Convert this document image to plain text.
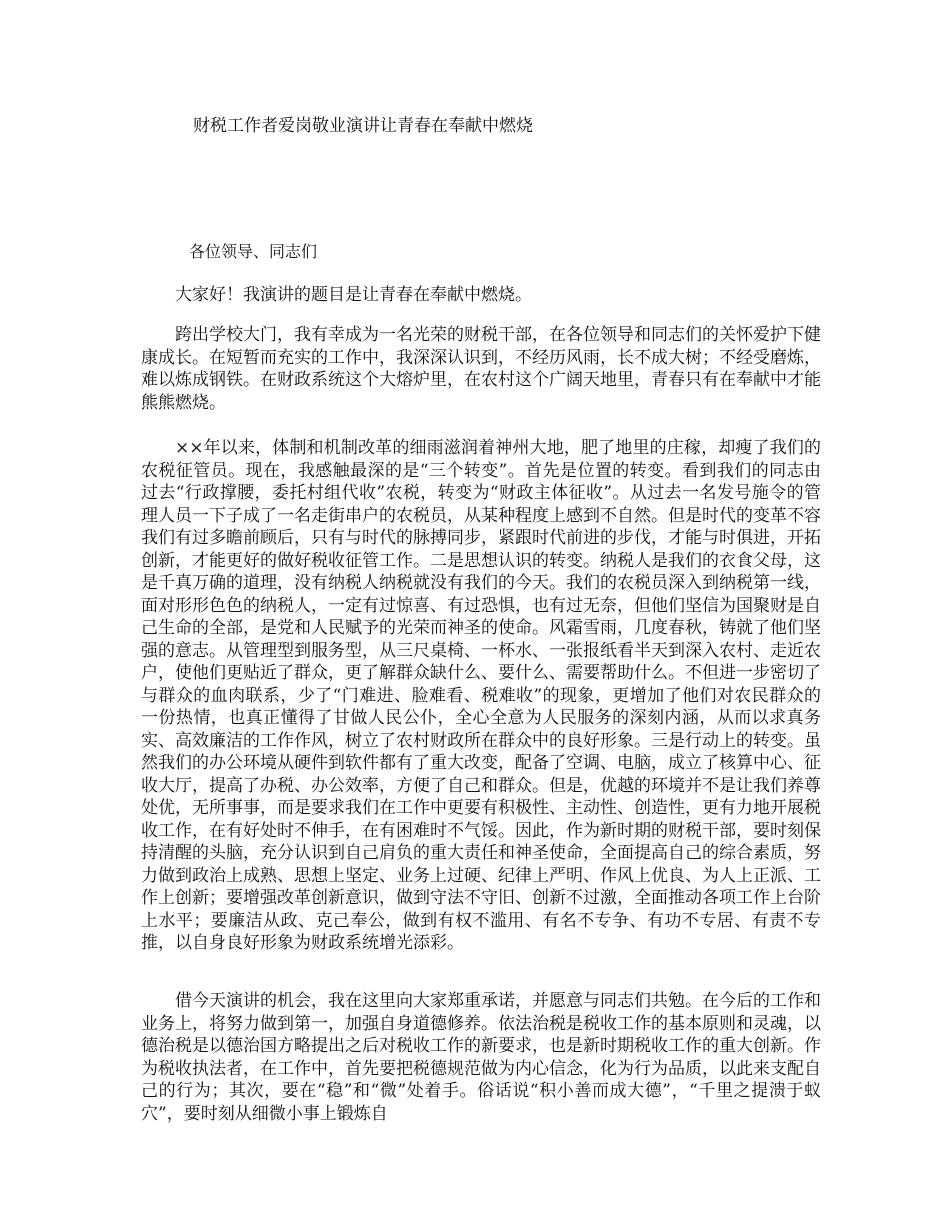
财税工作者爱岗敬业演讲让青春在奉献中燃烧
各位领导、同志们

大家好！我演讲的题目是让青春在奉献中燃烧。

跨出学校大门，我有幸成为一名光荣的财税干部，在各位领导和同志们的关怀爱护下健康成长。在短暂而充实的工作中，我深深认识到，不经历风雨，长不成大树；不经受磨炼，难以炼成钢铁。在财政系统这个大熔炉里，在农村这个广阔天地里，青春只有在奉献中才能熊熊燃烧。

××年以来，体制和机制改革的细雨滋润着神州大地，肥了地里的庄稼，却瘦了我们的农税征管员。现在，我感触最深的是“三个转变”。首先是位置的转变。看到我们的同志由过去“行政撑腰，委托村组代收”农税，转变为“财政主体征收”。从过去一名发号施令的管理人员一下子成了一名走街串户的农税员，从某种程度上感到不自然。但是时代的变革不容我们有过多瞻前顾后，只有与时代的脉搏同步，紧跟时代前进的步伐，才能与时俱进，开拓创新，才能更好的做好税收征管工作。二是思想认识的转变。纳税人是我们的衣食父母，这是千真万确的道理，没有纳税人纳税就没有我们的今天。我们的农税员深入到纳税第一线，面对形形色色的纳税人，一定有过惊喜、有过恐惧，也有过无奈，但他们坚信为国聚财是自己生命的全部，是党和人民赋予的光荣而神圣的使命。风霜雪雨，几度春秋，铸就了他们坚强的意志。从管理型到服务型，从三尺桌椅、一杯水、一张报纸看半天到深入农村、走近农户，使他们更贴近了群众，更了解群众缺什么、要什么、需要帮助什么。不但进一步密切了与群众的血肉联系，少了“门难进、脸难看、税难收”的现象，更增加了他们对农民群众的一份热情，也真正懂得了甘做人民公仆，全心全意为人民服务的深刻内涵，从而以求真务实、高效廉洁的工作作风，树立了农村财政所在群众中的良好形象。三是行动上的转变。虽然我们的办公环境从硬件到软件都有了重大改变，配备了空调、电脑，成立了核算中心、征收大厅，提高了办税、办公效率，方便了自己和群众。但是，优越的环境并不是让我们养尊处优，无所事事，而是要求我们在工作中更要有积极性、主动性、创造性，更有力地开展税收工作，在有好处时不伸手，在有困难时不气馁。因此，作为新时期的财税干部，要时刻保持清醒的头脑，充分认识到自己肩负的重大责任和神圣使命，全面提高自己的综合素质，努力做到政治上成熟、思想上坚定、业务上过硬、纪律上严明、作风上优良、为人上正派、工作上创新；要增强改革创新意识，做到守法不守旧、创新不过激，全面推动各项工作上台阶上水平；要廉洁从政、克己奉公，做到有权不滥用、有名不专争、有功不专居、有责不专推，以自身良好形象为财政系统增光添彩。

借今天演讲的机会，我在这里向大家郑重承诺，并愿意与同志们共勉。在今后的工作和业务上，将努力做到第一，加强自身道德修养。依法治税是税收工作的基本原则和灵魂，以德治税是以德治国方略提出之后对税收工作的新要求，也是新时期税收工作的重大创新。作为税收执法者，在工作中，首先要把税德规范做为内心信念，化为行为品质，以此来支配自己的行为；其次，要在“稳”和“微”处着手。俗话说“积小善而成大德”，“千里之提溃于蚁穴”，要时刻从细微小事上锻炼自
